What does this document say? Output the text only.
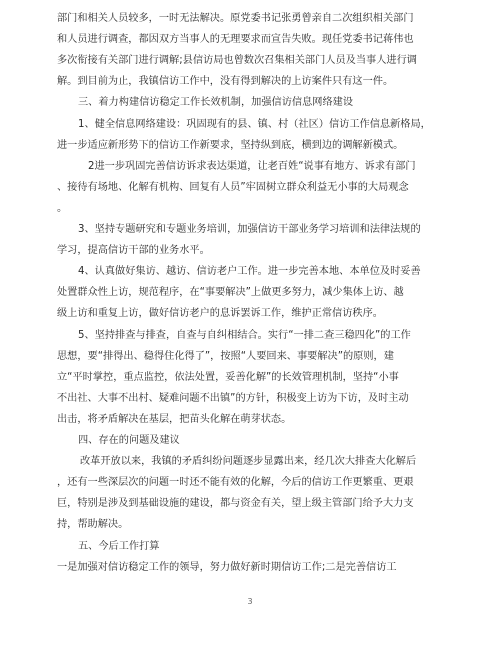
部门和相关人员较多，一时无法解决。原党委书记张勇曾亲自二次组织相关部门
和人员进行调查，都因双方当事人的无理要求而宣告失败。现任党委书记蒋伟也
多次衔接有关部门进行调解;县信访局也曾数次召集相关部门人员及当事人进行调
解。到目前为止，我镇信访工作中，没有得到解决的上访案件只有这一件。
三、着力构建信访稳定工作长效机制，加强信访信息网络建设
1、健全信息网络建设：巩固现有的县、镇、村（社区）信访工作信息新格局，
进一步适应新形势下的信访工作新要求，坚持纵到底，横到边的调解新模式。
2进一步巩固完善信访诉求表达渠道，让老百姓“说事有地方、诉求有部门
、接待有场地、化解有机构、回复有人员”牢固树立群众利益无小事的大局观念
。
3、坚持专题研究和专题业务培训，加强信访干部业务学习培训和法律法规的
学习，提高信访干部的业务水平。
4、认真做好集访、越访、信访老户工作。进一步完善本地、本单位及时妥善
处置群众性上访，规范程序，在“事要解决”上做更多努力，减少集体上访、越
级上访和重复上访，做好信访老户的息诉罢诉工作，维护正常信访秩序。
5、坚持排查与排查，自查与自纠相结合。实行“一排二查三稳四化”的工作
思想，要“排得出、稳得住化得了”，按照“人要回来、事要解决”的原则，建
立“平时掌控，重点监控，依法处置，妥善化解”的长效管理机制，坚持“小事
不出社、大事不出村、疑难问题不出镇”的方针，积极变上访为下访，及时主动
出击，将矛盾解决在基层，把苗头化解在萌芽状态。
四、存在的问题及建议
改革开放以来，我镇的矛盾纠纷问题逐步显露出来，经几次大排查大化解后
，还有一些深层次的问题一时还不能有效的化解，今后的信访工作更繁重、更艰
巨，特别是涉及到基础设施的建设，都与资金有关，望上级主管部门给予大力支
持，帮助解决。
五、今后工作打算
一是加强对信访稳定工作的领导，努力做好新时期信访工作;二是完善信访工
3
